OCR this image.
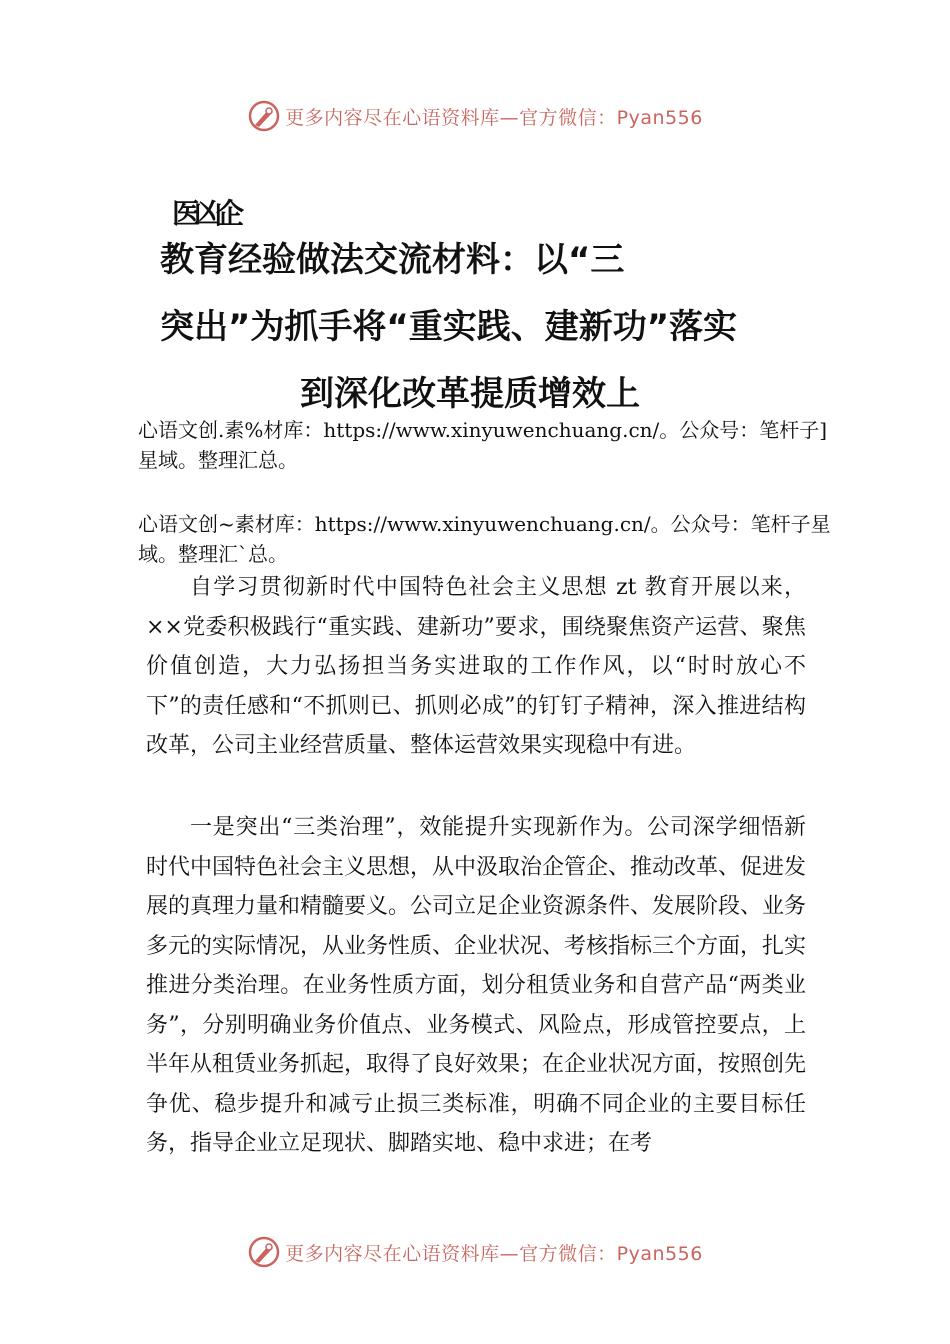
更多内容尽在心语资料库—官方微信：Pyan556
医凶企
教育经验做法交流材料：以“三
突出”为抓手将“重实践、建新功”落实
到深化改革提质增效上
心语文创.素%材库：https://www.xinyuwenchuang.cn/。公众号：笔杆子]星域。整理汇总。
心语文创~素材库：https://www.xinyuwenchuang.cn/。公众号：笔杆子星域。整理汇`总。
自学习贯彻新时代中国特色社会主义思想 zt 教育开展以来，××党委积极践行“重实践、建新功”要求，围绕聚焦资产运营、聚焦价值创造，大力弘扬担当务实进取的工作作风，以“时时放心不下”的责任感和“不抓则已、抓则必成”的钉钉子精神，深入推进结构改革，公司主业经营质量、整体运营效果实现稳中有进。
一是突出“三类治理”，效能提升实现新作为。公司深学细悟新时代中国特色社会主义思想，从中汲取治企管企、推动改革、促进发展的真理力量和精髓要义。公司立足企业资源条件、发展阶段、业务多元的实际情况，从业务性质、企业状况、考核指标三个方面，扎实推进分类治理。在业务性质方面，划分租赁业务和自营产品“两类业务”，分别明确业务价值点、业务模式、风险点，形成管控要点，上半年从租赁业务抓起，取得了良好效果；在企业状况方面，按照创先争优、稳步提升和减亏止损三类标准，明确不同企业的主要目标任务，指导企业立足现状、脚踏实地、稳中求进；在考
更多内容尽在心语资料库—官方微信：Pyan556
